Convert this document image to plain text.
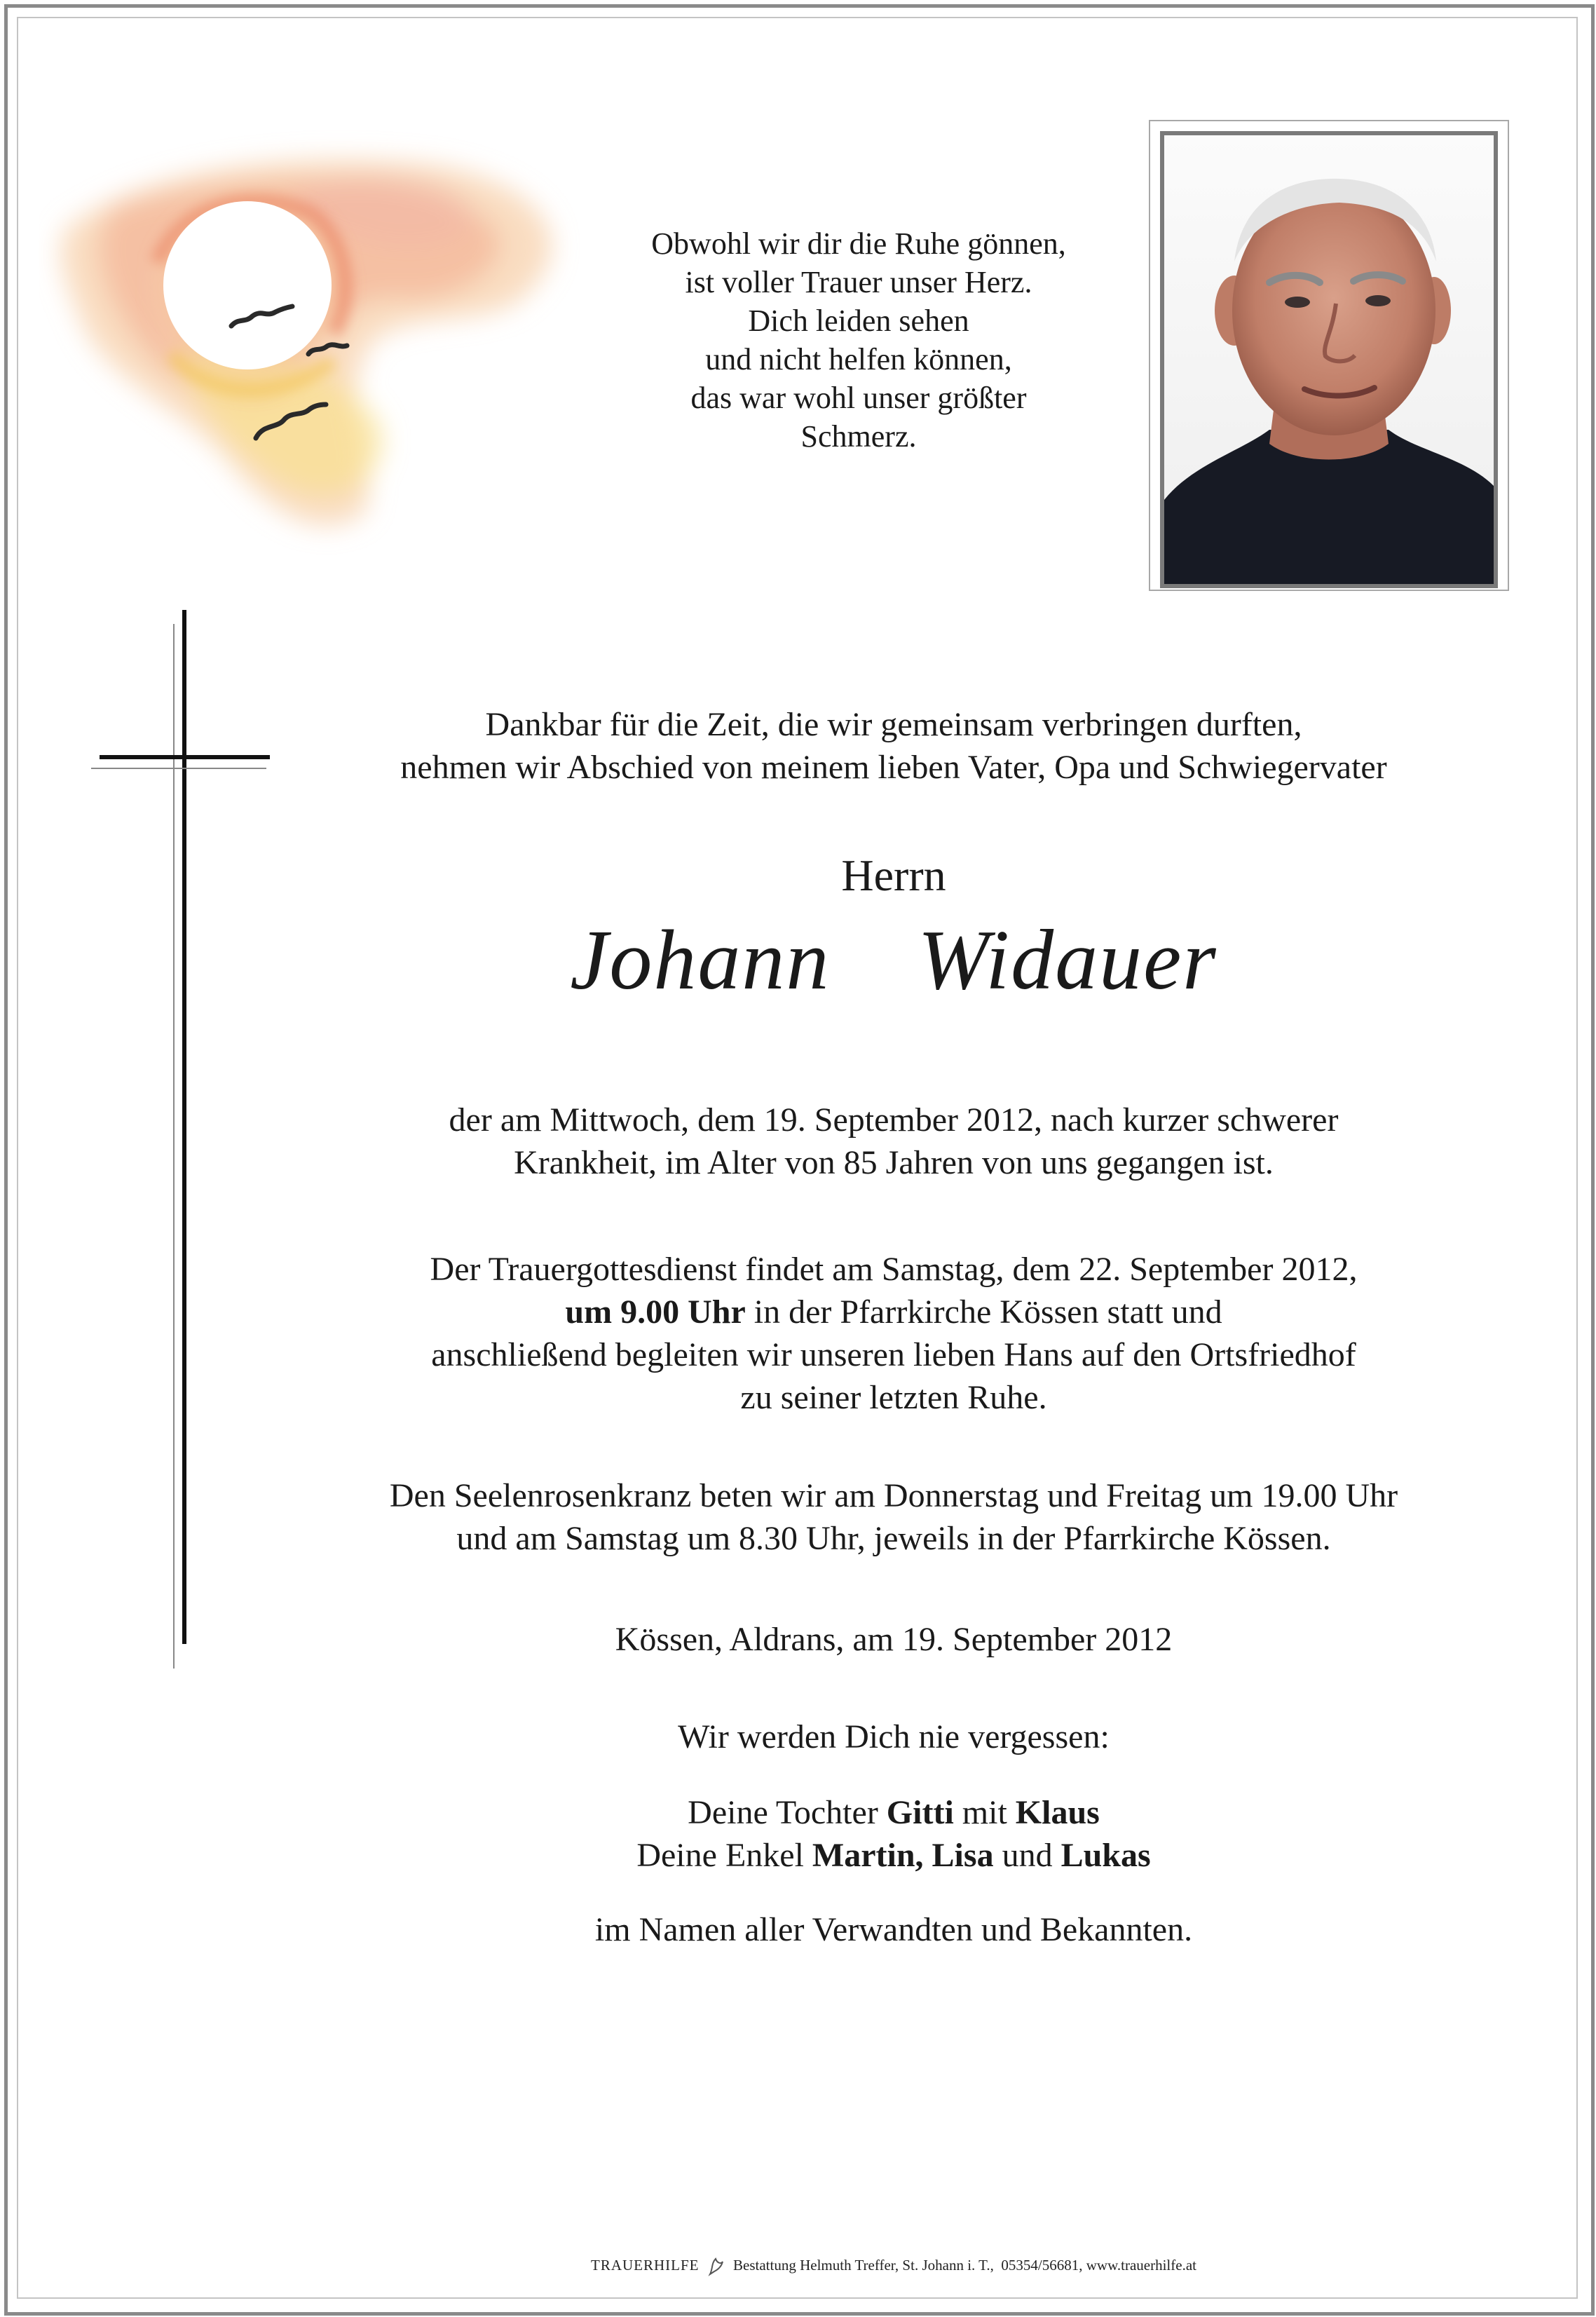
Obwohl wir dir die Ruhe gönnen,
ist voller Trauer unser Herz.
Dich leiden sehen
und nicht helfen können,
das war wohl unser größter
Schmerz.
Dankbar für die Zeit, die wir gemeinsam verbringen durften,
nehmen wir Abschied von meinem lieben Vater, Opa und Schwiegervater
Herrn
Johann  Widauer
der am Mittwoch, dem 19. September 2012, nach kurzer schwerer
Krankheit, im Alter von 85 Jahren von uns gegangen ist.
Der Trauergottesdienst findet am Samstag, dem 22. September 2012,
um 9.00 Uhr in der Pfarrkirche Kössen statt und
anschließend begleiten wir unseren lieben Hans auf den Ortsfriedhof
zu seiner letzten Ruhe.
Den Seelenrosenkranz beten wir am Donnerstag und Freitag um 19.00 Uhr
und am Samstag um 8.30 Uhr, jeweils in der Pfarrkirche Kössen.
Kössen, Aldrans, am 19. September 2012
Wir werden Dich nie vergessen:
Deine Tochter Gitti mit Klaus
Deine Enkel Martin, Lisa und Lukas
im Namen aller Verwandten und Bekannten.
TRAUERHILFE Bestattung Helmuth Treffer, St. Johann i. T.,  05354/56681, www.trauerhilfe.at
